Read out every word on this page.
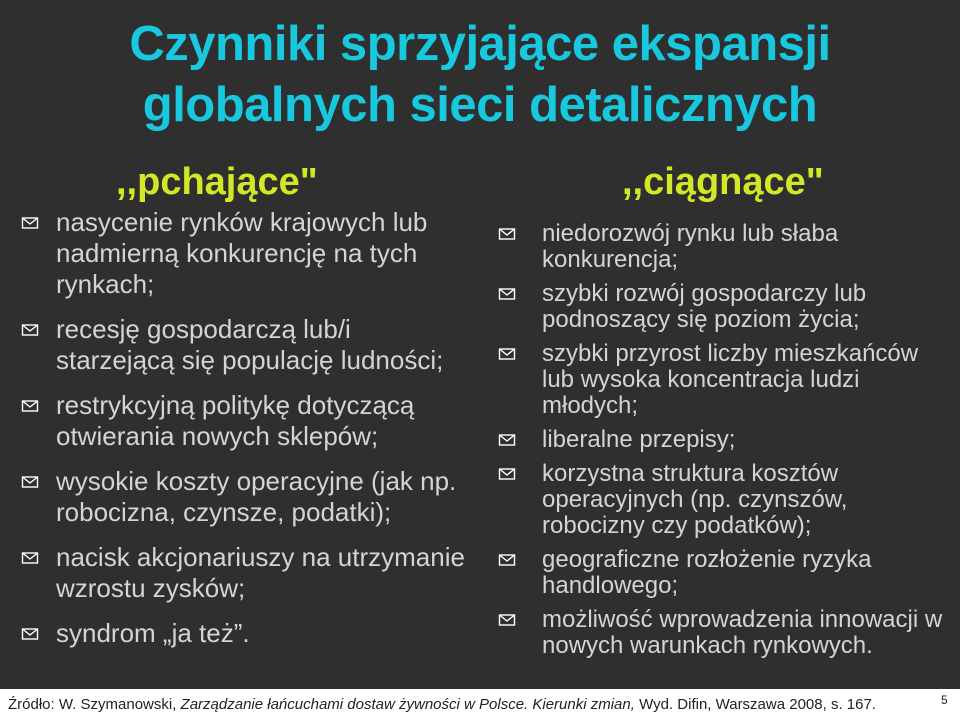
Czynniki sprzyjające ekspansji
globalnych sieci detalicznych
,,pchające"	,,ciągnące"
nasycenie rynków krajowych lub nadmierną konkurencję na tych rynkach;
recesję gospodarczą lub/i starzejącą się populację ludności;
restrykcyjną politykę dotyczącą otwierania nowych sklepów;
wysokie koszty operacyjne (jak np. robocizna, czynsze, podatki);
nacisk akcjonariuszy na utrzymanie wzrostu zysków;
syndrom „ja też”.
niedorozwój rynku lub słaba konkurencja;
szybki rozwój gospodarczy lub podnoszący się poziom życia;
szybki przyrost liczby mieszkańców lub wysoka koncentracja ludzi młodych;
liberalne przepisy;
korzystna struktura kosztów operacyjnych (np. czynszów, robocizny czy podatków);
geograficzne rozłożenie ryzyka handlowego;
możliwość wprowadzenia innowacji w nowych warunkach rynkowych.
Źródło: W. Szymanowski, Zarządzanie łańcuchami dostaw żywności w Polsce. Kierunki zmian, Wyd. Difin, Warszawa 2008, s. 167.	5
